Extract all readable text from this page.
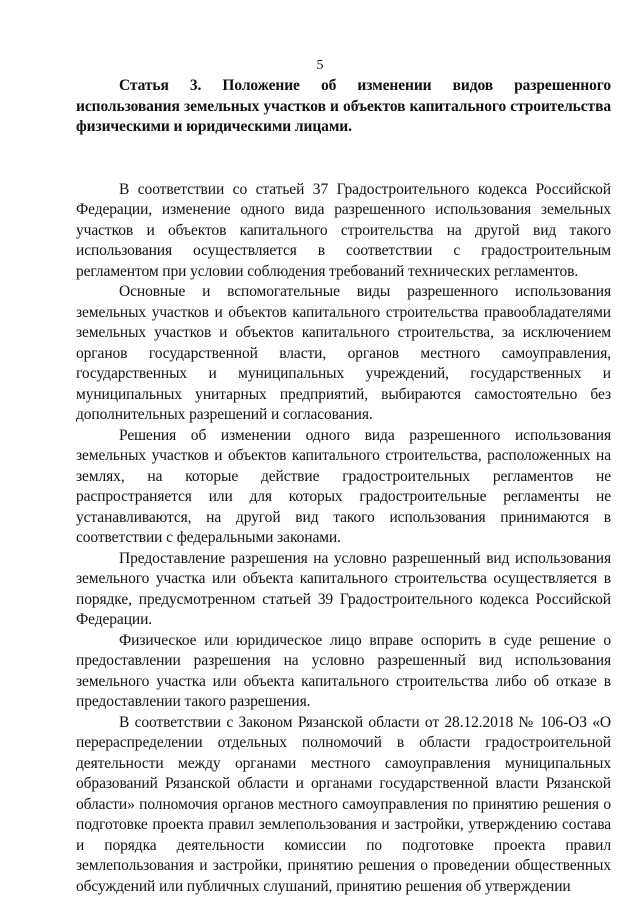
5

Статья 3. Положение об изменении видов разрешенного использования земельных участков и объектов капитального строительства физическими и юридическими лицами.

В соответствии со статьей 37 Градостроительного кодекса Российской Федерации, изменение одного вида разрешенного использования земельных участков и объектов капитального строительства на другой вид такого использования осуществляется в соответствии с градостроительным регламентом при условии соблюдения требований технических регламентов.

Основные и вспомогательные виды разрешенного использования земельных участков и объектов капитального строительства правообладателями земельных участков и объектов капитального строительства, за исключением органов государственной власти, органов местного самоуправления, государственных и муниципальных учреждений, государственных и муниципальных унитарных предприятий, выбираются самостоятельно без дополнительных разрешений и согласования.

Решения об изменении одного вида разрешенного использования земельных участков и объектов капитального строительства, расположенных на землях, на которые действие градостроительных регламентов не распространяется или для которых градостроительные регламенты не устанавливаются, на другой вид такого использования принимаются в соответствии с федеральными законами.

Предоставление разрешения на условно разрешенный вид использования земельного участка или объекта капитального строительства осуществляется в порядке, предусмотренном статьей 39 Градостроительного кодекса Российской Федерации.

Физическое или юридическое лицо вправе оспорить в суде решение о предоставлении разрешения на условно разрешенный вид использования земельного участка или объекта капитального строительства либо об отказе в предоставлении такого разрешения.

В соответствии с Законом Рязанской области от 28.12.2018 № 106-ОЗ «О перераспределении отдельных полномочий в области градостроительной деятельности между органами местного самоуправления муниципальных образований Рязанской области и органами государственной власти Рязанской области» полномочия органов местного самоуправления по принятию решения о подготовке проекта правил землепользования и застройки, утверждению состава и порядка деятельности комиссии по подготовке проекта правил землепользования и застройки, принятию решения о проведении общественных обсуждений или публичных слушаний, принятию решения об утверждении
